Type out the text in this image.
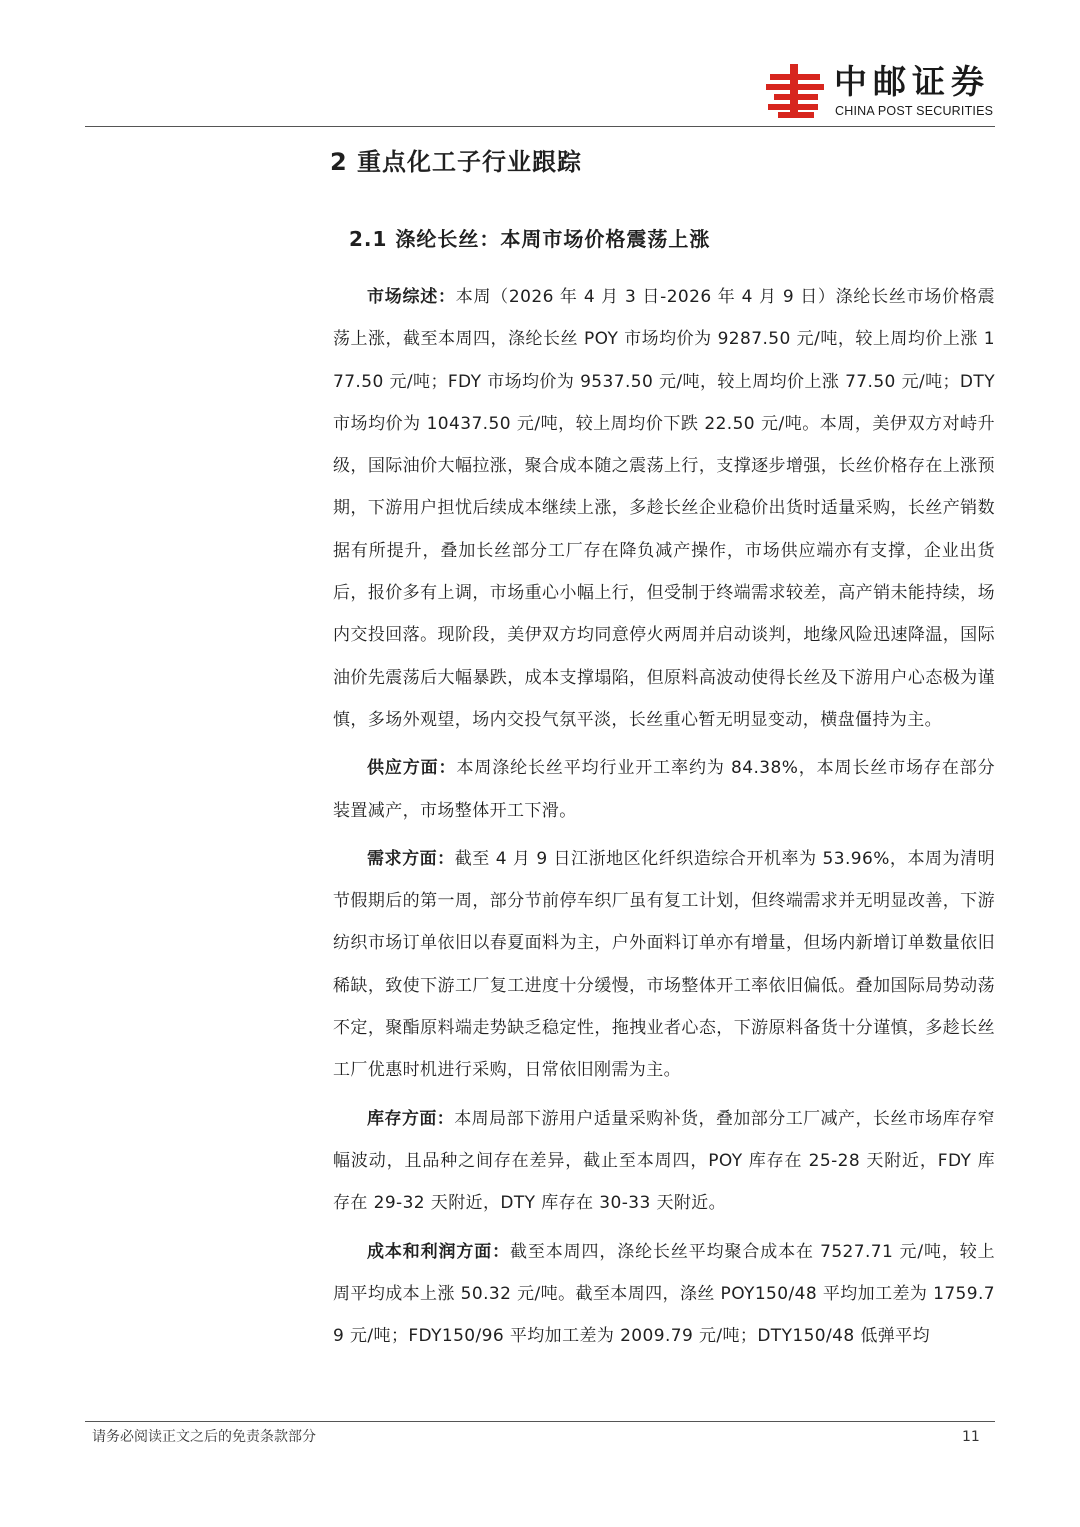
中邮证券
CHINA POST SECURITIES
2 重点化工子行业跟踪
2.1 涤纶长丝：本周市场价格震荡上涨

市场综述：本周（2026 年 4 月 3 日-2026 年 4 月 9 日）涤纶长丝市场价格震荡上涨，截至本周四，涤纶长丝 POY 市场均价为 9287.50 元/吨，较上周均价上涨 177.50 元/吨；FDY 市场均价为 9537.50 元/吨，较上周均价上涨 77.50 元/吨；DTY 市场均价为 10437.50 元/吨，较上周均价下跌 22.50 元/吨。本周，美伊双方对峙升级，国际油价大幅拉涨，聚合成本随之震荡上行，支撑逐步增强，长丝价格存在上涨预期，下游用户担忧后续成本继续上涨，多趁长丝企业稳价出货时适量采购，长丝产销数据有所提升，叠加长丝部分工厂存在降负减产操作，市场供应端亦有支撑，企业出货后，报价多有上调，市场重心小幅上行，但受制于终端需求较差，高产销未能持续，场内交投回落。现阶段，美伊双方均同意停火两周并启动谈判，地缘风险迅速降温，国际油价先震荡后大幅暴跌，成本支撑塌陷，但原料高波动使得长丝及下游用户心态极为谨慎，多场外观望，场内交投气氛平淡，长丝重心暂无明显变动，横盘僵持为主。

供应方面：本周涤纶长丝平均行业开工率约为 84.38%，本周长丝市场存在部分装置减产，市场整体开工下滑。

需求方面：截至 4 月 9 日江浙地区化纤织造综合开机率为 53.96%，本周为清明节假期后的第一周，部分节前停车织厂虽有复工计划，但终端需求并无明显改善，下游纺织市场订单依旧以春夏面料为主，户外面料订单亦有增量，但场内新增订单数量依旧稀缺，致使下游工厂复工进度十分缓慢，市场整体开工率依旧偏低。叠加国际局势动荡不定，聚酯原料端走势缺乏稳定性，拖拽业者心态，下游原料备货十分谨慎，多趁长丝工厂优惠时机进行采购，日常依旧刚需为主。

库存方面：本周局部下游用户适量采购补货，叠加部分工厂减产，长丝市场库存窄幅波动，且品种之间存在差异，截止至本周四，POY 库存在 25-28 天附近，FDY 库存在 29-32 天附近，DTY 库存在 30-33 天附近。

成本和利润方面：截至本周四，涤纶长丝平均聚合成本在 7527.71 元/吨，较上周平均成本上涨 50.32 元/吨。截至本周四，涤丝 POY150/48 平均加工差为 1759.79 元/吨；FDY150/96 平均加工差为 2009.79 元/吨；DTY150/48 低弹平均

请务必阅读正文之后的免责条款部分	11
